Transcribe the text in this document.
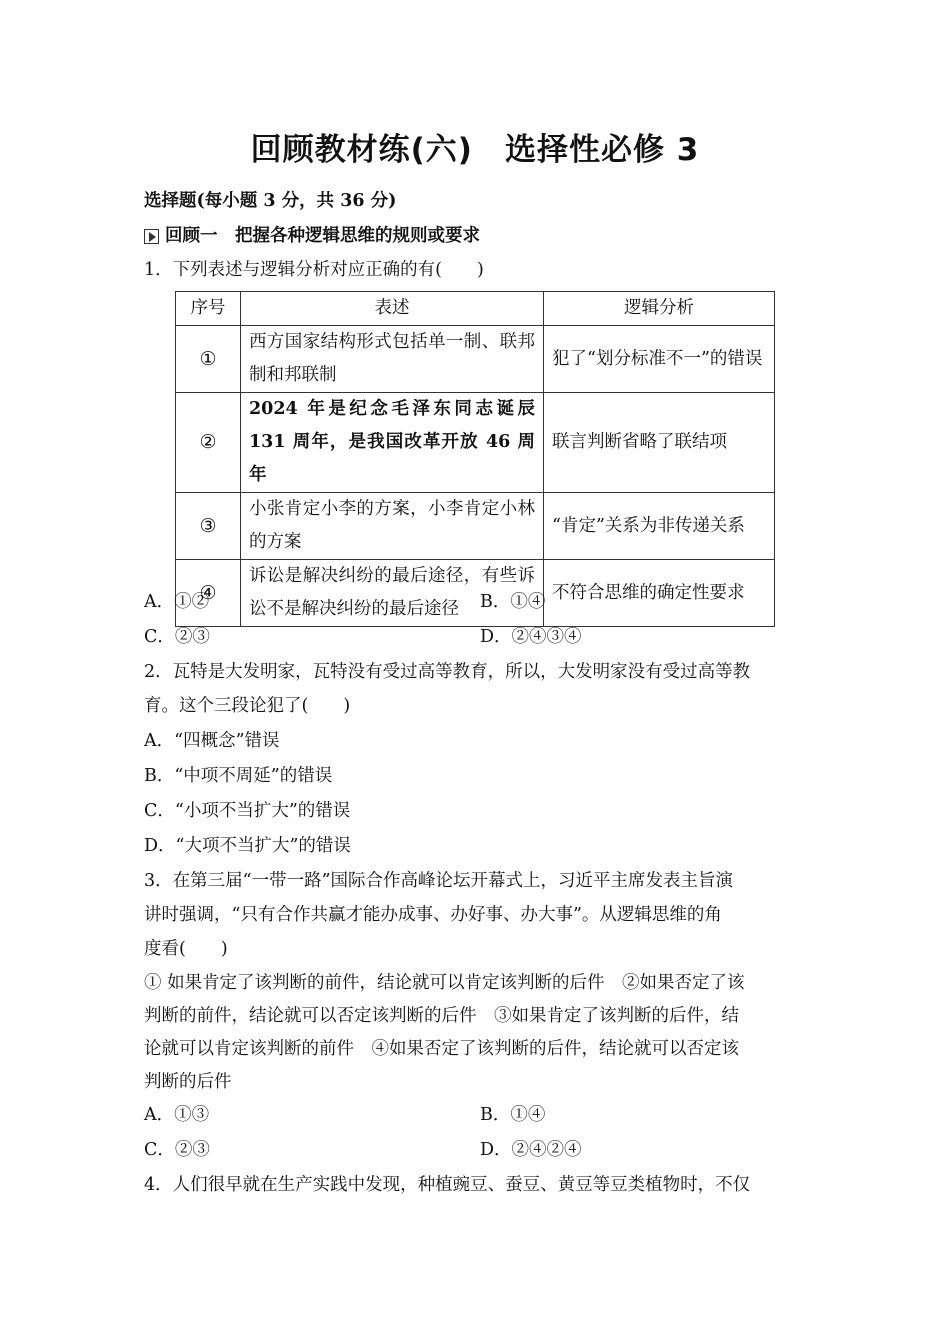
回顾教材练(六)　选择性必修 3
选择题(每小题 3 分，共 36 分)
回顾一　把握各种逻辑思维的规则或要求
1．下列表述与逻辑分析对应正确的有(　　)
序号	表述	逻辑分析
①	西方国家结构形式包括单一制、联邦制和邦联制	犯了“划分标准不一”的错误
②	2024 年是纪念毛泽东同志诞辰 131 周年，是我国改革开放 46 周年	联言判断省略了联结项
③	小张肯定小李的方案，小李肯定小林的方案	“肯定”关系为非传递关系
④	诉讼是解决纠纷的最后途径，有些诉讼不是解决纠纷的最后途径	不符合思维的确定性要求
A．①②	B．①④
C．②③	D．②④③④
2．瓦特是大发明家，瓦特没有受过高等教育，所以，大发明家没有受过高等教
育。这个三段论犯了(　　)
A．“四概念”错误
B．“中项不周延”的错误
C．“小项不当扩大”的错误
D．“大项不当扩大”的错误
3．在第三届“一带一路”国际合作高峰论坛开幕式上，习近平主席发表主旨演
讲时强调，“只有合作共赢才能办成事、办好事、办大事”。从逻辑思维的角
度看(　　)
① 如果肯定了该判断的前件，结论就可以肯定该判断的后件　②如果否定了该
判断的前件，结论就可以否定该判断的后件　③如果肯定了该判断的后件，结
论就可以肯定该判断的前件　④如果否定了该判断的后件，结论就可以否定该
判断的后件
A．①③	B．①④
C．②③	D．②④②④
4．人们很早就在生产实践中发现，种植豌豆、蚕豆、黄豆等豆类植物时，不仅
